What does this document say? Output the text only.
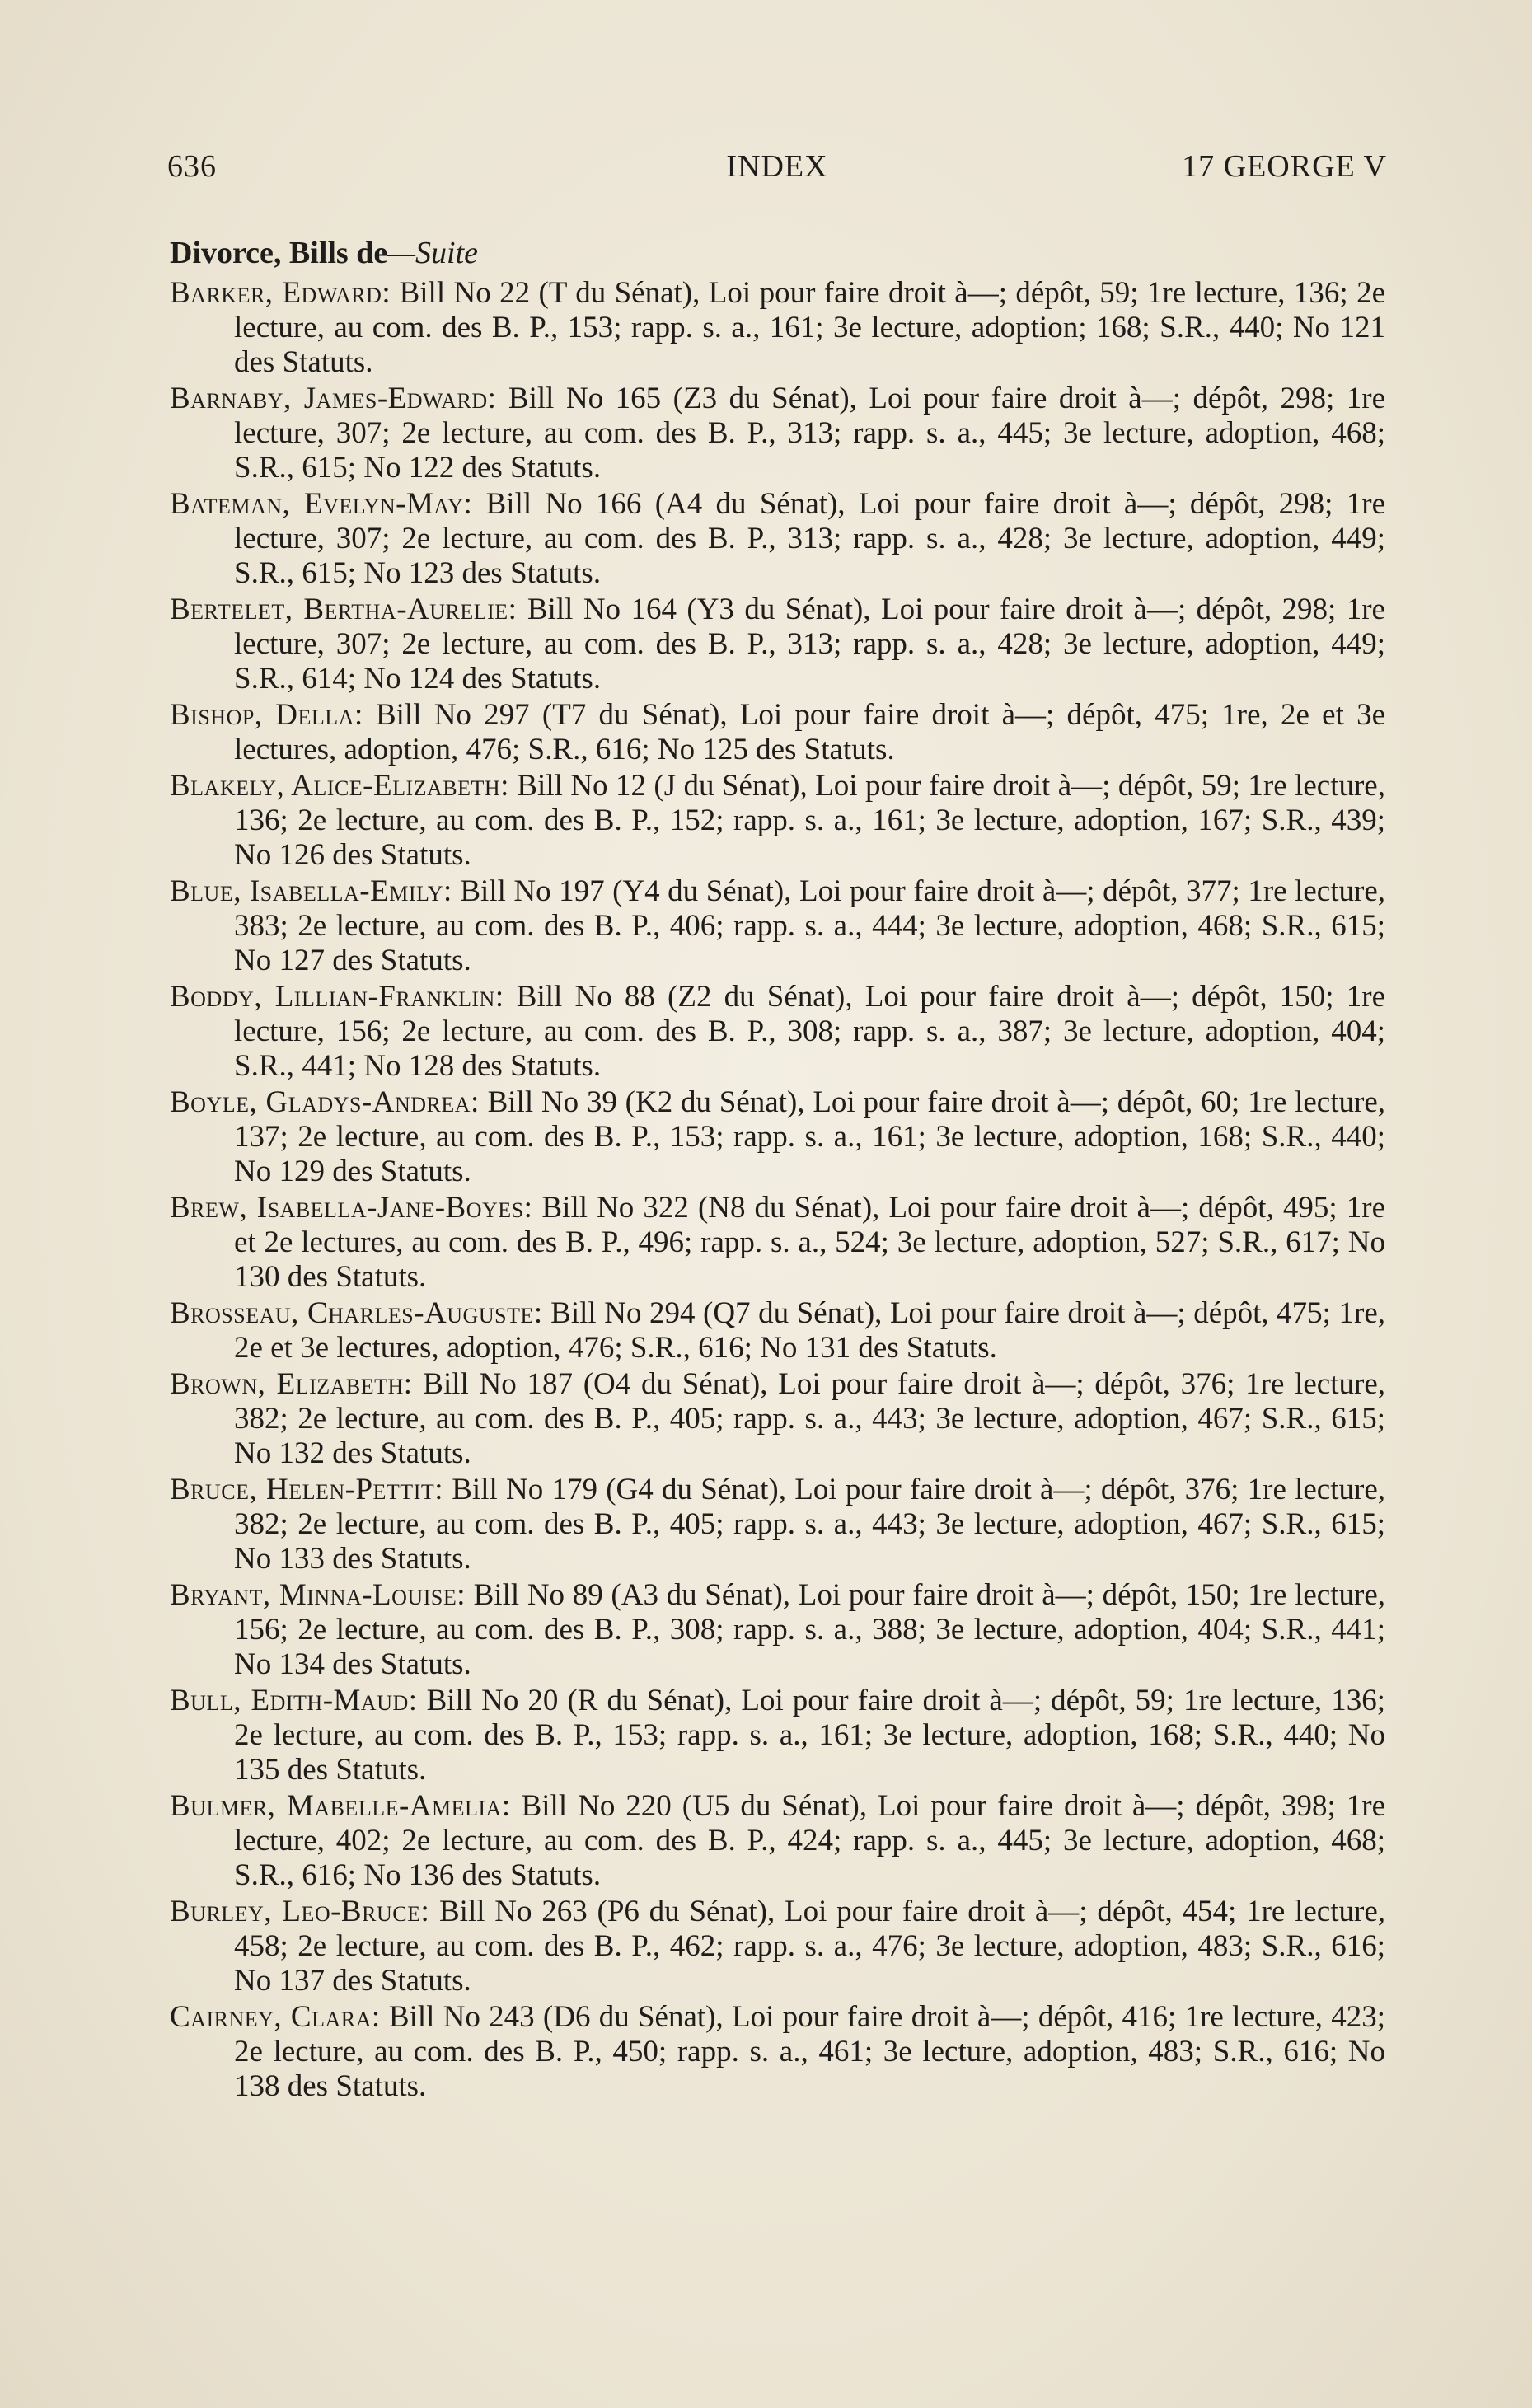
636	INDEX	17 GEORGE V
Divorce, Bills de—Suite
Barker, Edward: Bill No 22 (T du Sénat), Loi pour faire droit à—; dépôt, 59; 1re lecture, 136; 2e lecture, au com. des B. P., 153; rapp. s. a., 161; 3e lecture, adoption; 168; S.R., 440; No 121 des Statuts.
Barnaby, James-Edward: Bill No 165 (Z3 du Sénat), Loi pour faire droit à—; dépôt, 298; 1re lecture, 307; 2e lecture, au com. des B. P., 313; rapp. s. a., 445; 3e lecture, adoption, 468; S.R., 615; No 122 des Statuts.
Bateman, Evelyn-May: Bill No 166 (A4 du Sénat), Loi pour faire droit à—; dépôt, 298; 1re lecture, 307; 2e lecture, au com. des B. P., 313; rapp. s. a., 428; 3e lecture, adoption, 449; S.R., 615; No 123 des Statuts.
Bertelet, Bertha-Aurelie: Bill No 164 (Y3 du Sénat), Loi pour faire droit à—; dépôt, 298; 1re lecture, 307; 2e lecture, au com. des B. P., 313; rapp. s. a., 428; 3e lecture, adoption, 449; S.R., 614; No 124 des Statuts.
Bishop, Della: Bill No 297 (T7 du Sénat), Loi pour faire droit à—; dépôt, 475; 1re, 2e et 3e lectures, adoption, 476; S.R., 616; No 125 des Statuts.
Blakely, Alice-Elizabeth: Bill No 12 (J du Sénat), Loi pour faire droit à—; dépôt, 59; 1re lecture, 136; 2e lecture, au com. des B. P., 152; rapp. s. a., 161; 3e lecture, adoption, 167; S.R., 439; No 126 des Statuts.
Blue, Isabella-Emily: Bill No 197 (Y4 du Sénat), Loi pour faire droit à—; dépôt, 377; 1re lecture, 383; 2e lecture, au com. des B. P., 406; rapp. s. a., 444; 3e lecture, adoption, 468; S.R., 615; No 127 des Statuts.
Boddy, Lillian-Franklin: Bill No 88 (Z2 du Sénat), Loi pour faire droit à—; dépôt, 150; 1re lecture, 156; 2e lecture, au com. des B. P., 308; rapp. s. a., 387; 3e lecture, adoption, 404; S.R., 441; No 128 des Statuts.
Boyle, Gladys-Andrea: Bill No 39 (K2 du Sénat), Loi pour faire droit à—; dépôt, 60; 1re lecture, 137; 2e lecture, au com. des B. P., 153; rapp. s. a., 161; 3e lecture, adoption, 168; S.R., 440; No 129 des Statuts.
Brew, Isabella-Jane-Boyes: Bill No 322 (N8 du Sénat), Loi pour faire droit à—; dépôt, 495; 1re et 2e lectures, au com. des B. P., 496; rapp. s. a., 524; 3e lecture, adoption, 527; S.R., 617; No 130 des Statuts.
Brosseau, Charles-Auguste: Bill No 294 (Q7 du Sénat), Loi pour faire droit à—; dépôt, 475; 1re, 2e et 3e lectures, adoption, 476; S.R., 616; No 131 des Statuts.
Brown, Elizabeth: Bill No 187 (O4 du Sénat), Loi pour faire droit à—; dépôt, 376; 1re lecture, 382; 2e lecture, au com. des B. P., 405; rapp. s. a., 443; 3e lecture, adoption, 467; S.R., 615; No 132 des Statuts.
Bruce, Helen-Pettit: Bill No 179 (G4 du Sénat), Loi pour faire droit à—; dépôt, 376; 1re lecture, 382; 2e lecture, au com. des B. P., 405; rapp. s. a., 443; 3e lecture, adoption, 467; S.R., 615; No 133 des Statuts.
Bryant, Minna-Louise: Bill No 89 (A3 du Sénat), Loi pour faire droit à—; dépôt, 150; 1re lecture, 156; 2e lecture, au com. des B. P., 308; rapp. s. a., 388; 3e lecture, adoption, 404; S.R., 441; No 134 des Statuts.
Bull, Edith-Maud: Bill No 20 (R du Sénat), Loi pour faire droit à—; dépôt, 59; 1re lecture, 136; 2e lecture, au com. des B. P., 153; rapp. s. a., 161; 3e lecture, adoption, 168; S.R., 440; No 135 des Statuts.
Bulmer, Mabelle-Amelia: Bill No 220 (U5 du Sénat), Loi pour faire droit à—; dépôt, 398; 1re lecture, 402; 2e lecture, au com. des B. P., 424; rapp. s. a., 445; 3e lecture, adoption, 468; S.R., 616; No 136 des Statuts.
Burley, Leo-Bruce: Bill No 263 (P6 du Sénat), Loi pour faire droit à—; dépôt, 454; 1re lecture, 458; 2e lecture, au com. des B. P., 462; rapp. s. a., 476; 3e lecture, adoption, 483; S.R., 616; No 137 des Statuts.
Cairney, Clara: Bill No 243 (D6 du Sénat), Loi pour faire droit à—; dépôt, 416; 1re lecture, 423; 2e lecture, au com. des B. P., 450; rapp. s. a., 461; 3e lecture, adoption, 483; S.R., 616; No 138 des Statuts.
